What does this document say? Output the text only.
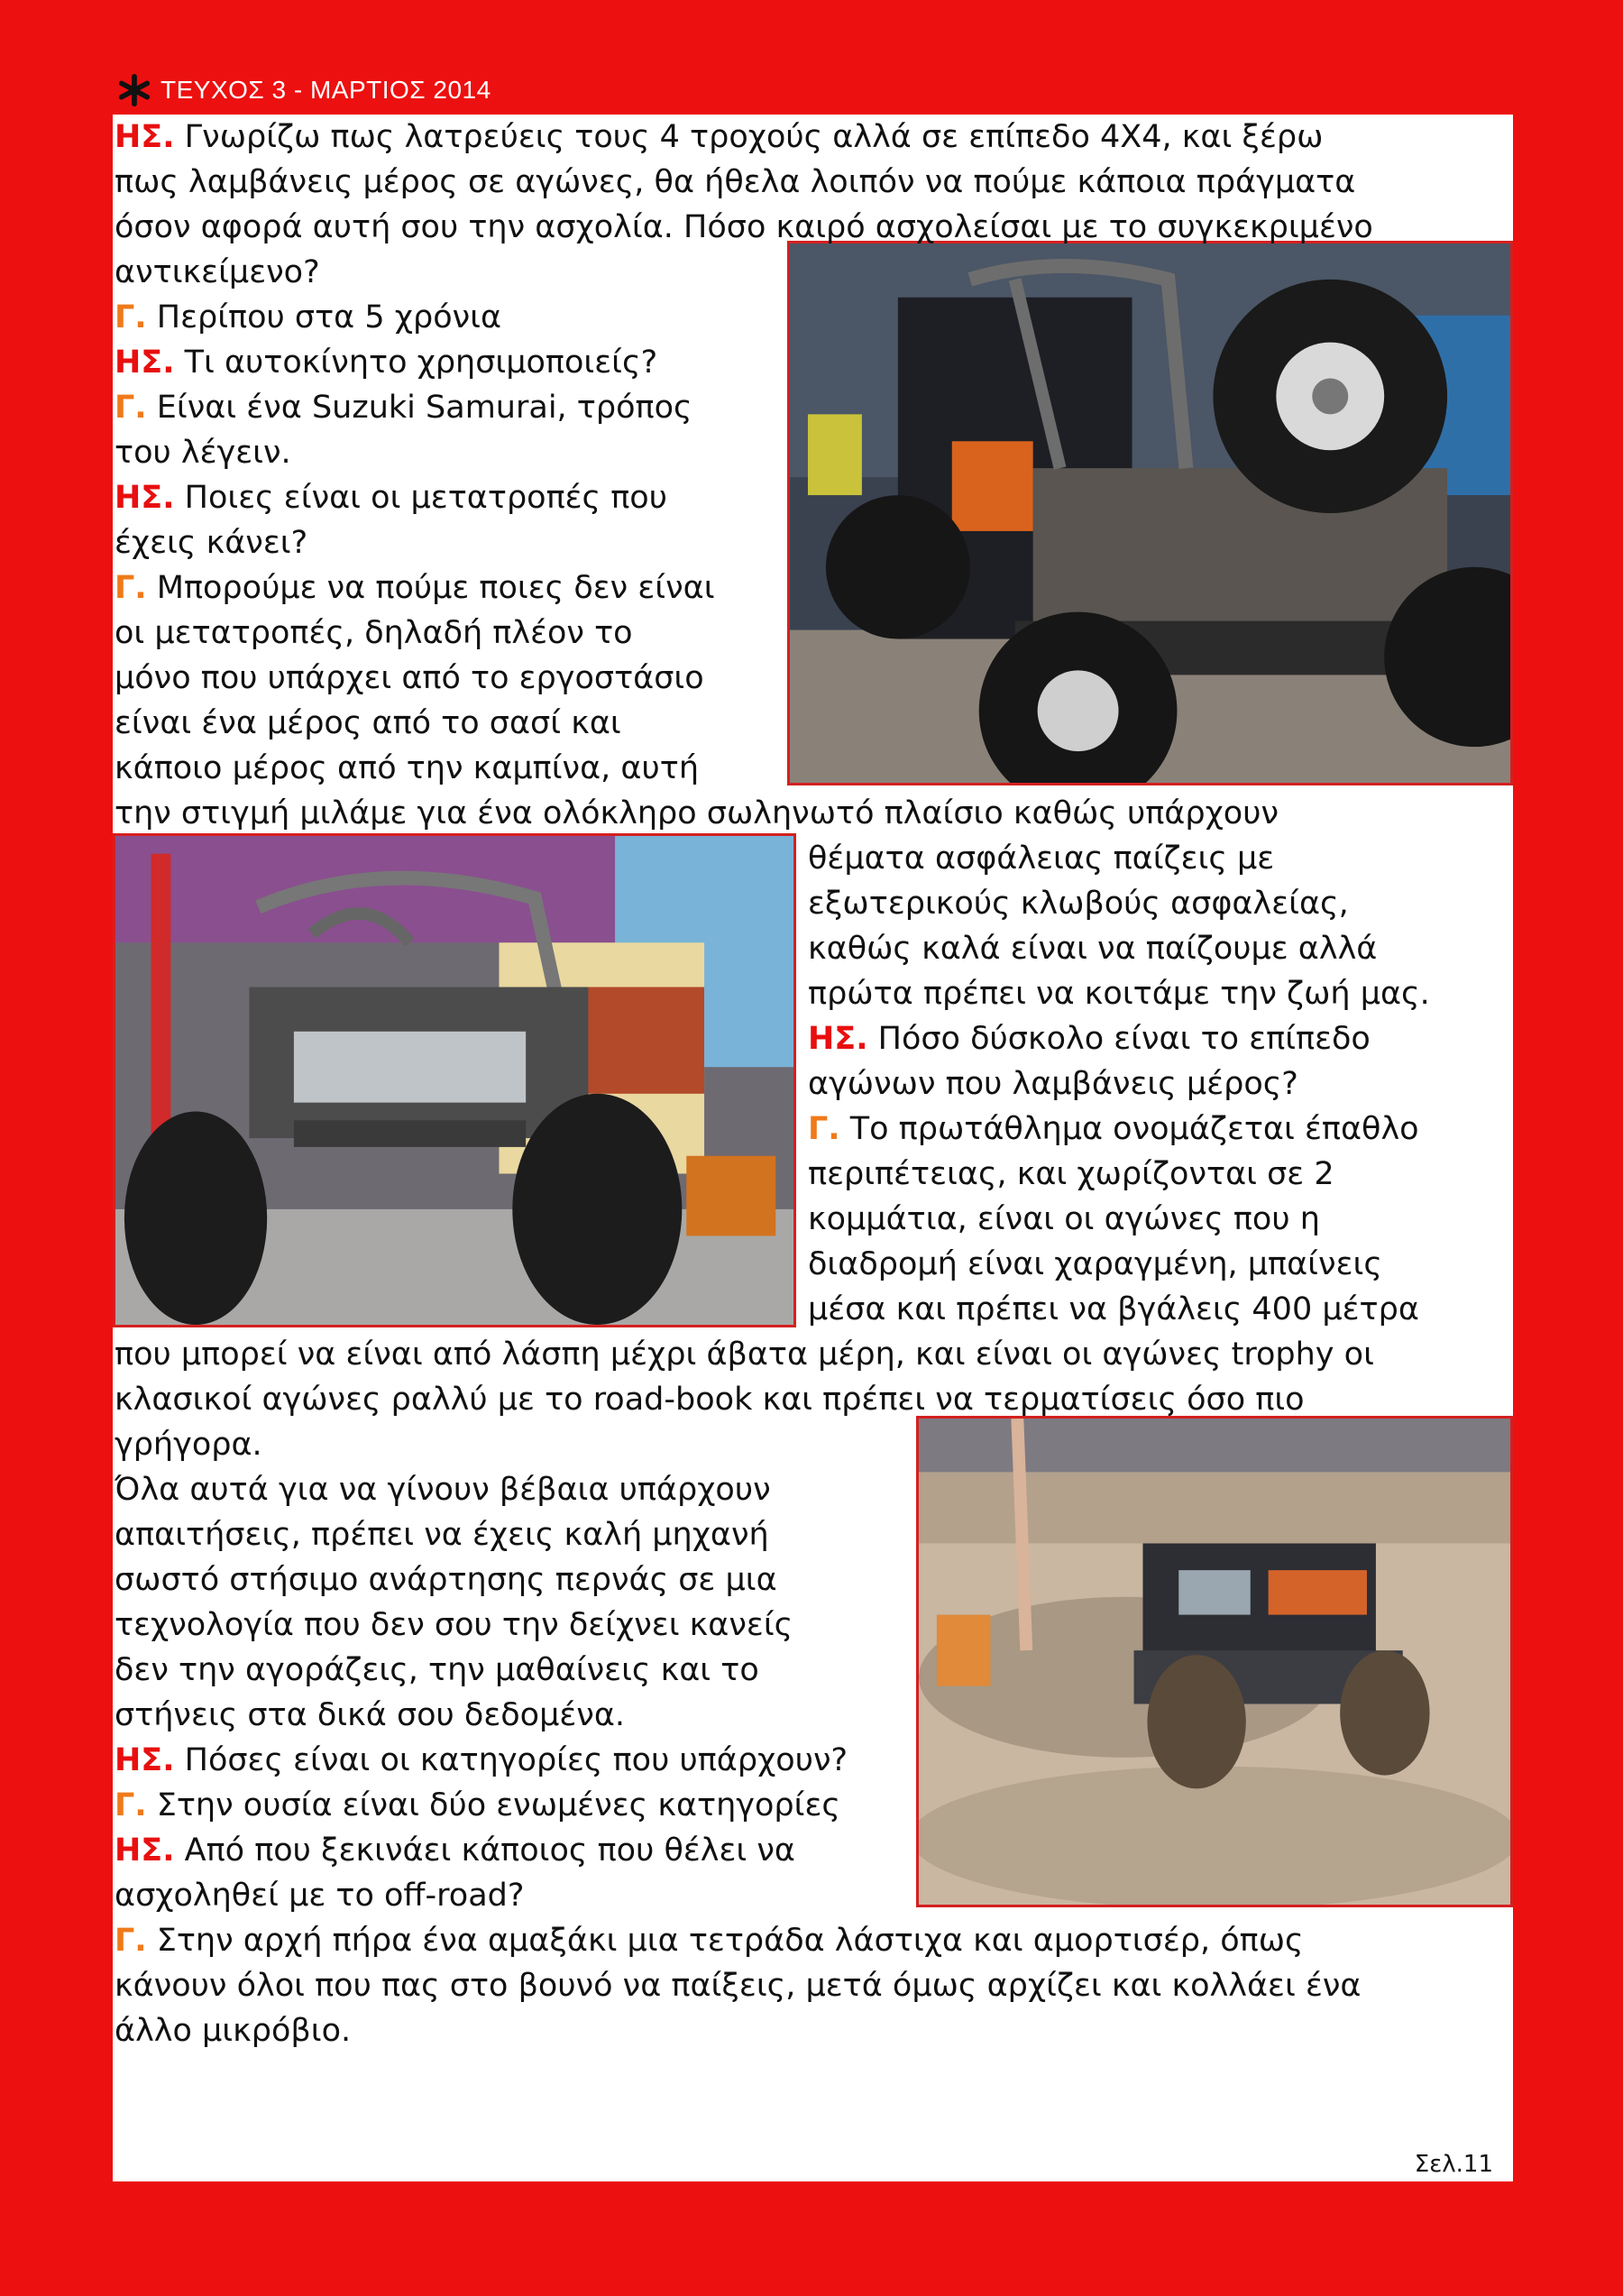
ΤΕΥΧΟΣ 3 - ΜΑΡΤΙΟΣ 2014
ΗΣ. Γνωρίζω πως λατρεύεις τους 4 τροχούς αλλά σε επίπεδο 4Χ4, και ξέρω
πως λαμβάνεις μέρος σε αγώνες, θα ήθελα λοιπόν να πούμε κάποια πράγματα
όσον αφορά αυτή σου την ασχολία. Πόσο καιρό ασχολείσαι με το συγκεκριμένο
αντικείμενο?
Γ. Περίπου στα 5 χρόνια
ΗΣ. Τι αυτοκίνητο χρησιμοποιείς?
Γ. Είναι ένα Suzuki Samurai, τρόπος
του λέγειν.
ΗΣ. Ποιες είναι οι μετατροπές που
έχεις κάνει?
Γ. Μπορούμε να πούμε ποιες δεν είναι
οι μετατροπές, δηλαδή πλέον το
μόνο που υπάρχει από το εργοστάσιο
είναι ένα μέρος από το σασί και
κάποιο μέρος από την καμπίνα, αυτή
την στιγμή μιλάμε για ένα ολόκληρο σωληνωτό πλαίσιο καθώς υπάρχουν
θέματα ασφάλειας παίζεις με
εξωτερικούς κλωβούς ασφαλείας,
καθώς καλά είναι να παίζουμε αλλά
πρώτα πρέπει να κοιτάμε την ζωή μας.
ΗΣ. Πόσο δύσκολο είναι το επίπεδο
αγώνων που λαμβάνεις μέρος?
Γ. Το πρωτάθλημα ονομάζεται έπαθλο
περιπέτειας, και χωρίζονται σε 2
κομμάτια, είναι οι αγώνες που η
διαδρομή είναι χαραγμένη, μπαίνεις
μέσα και πρέπει να βγάλεις 400 μέτρα
που μπορεί να είναι από λάσπη μέχρι άβατα μέρη, και είναι οι αγώνες trophy οι
κλασικοί αγώνες ραλλύ με το road-book και πρέπει να τερματίσεις όσο πιο
γρήγορα.
Όλα αυτά για να γίνουν βέβαια υπάρχουν
απαιτήσεις, πρέπει να έχεις καλή μηχανή
σωστό στήσιμο ανάρτησης περνάς σε μια
τεχνολογία που δεν σου την δείχνει κανείς
δεν την αγοράζεις, την μαθαίνεις και το
στήνεις στα δικά σου δεδομένα.
ΗΣ. Πόσες είναι οι κατηγορίες που υπάρχουν?
Γ. Στην ουσία είναι δύο ενωμένες κατηγορίες
ΗΣ. Από που ξεκινάει κάποιος που θέλει να
ασχοληθεί με το off-road?
Γ. Στην αρχή πήρα ένα αμαξάκι μια τετράδα λάστιχα και αμορτισέρ, όπως
κάνουν όλοι που πας στο βουνό να παίξεις, μετά όμως αρχίζει και κολλάει ένα
άλλο μικρόβιο.
Σελ.11
